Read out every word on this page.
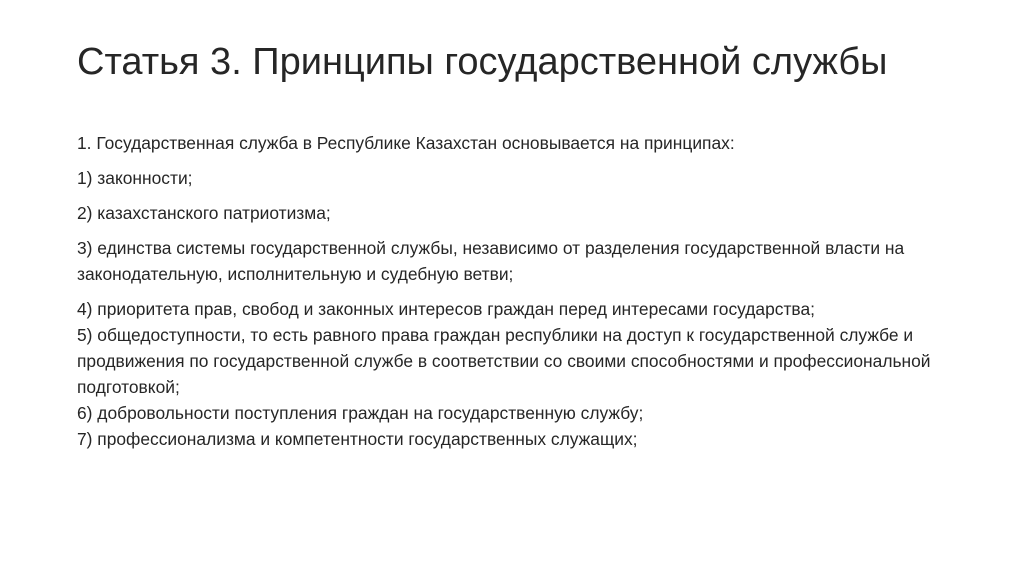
Статья 3. Принципы государственной службы

1. Государственная служба в Республике Казахстан основывается на принципах:

1) законности;

2) казахстанского патриотизма;

3) единства системы государственной службы, независимо от разделения государственной власти на законодательную, исполнительную и судебную ветви;

4) приоритета прав, свобод и законных интересов граждан перед интересами государства;

5) общедоступности, то есть равного права граждан республики на доступ к государственной службе и продвижения по государственной службе в соответствии со своими способностями и профессиональной подготовкой;

6) добровольности поступления граждан на государственную службу;

7) профессионализма и компетентности государственных служащих;
